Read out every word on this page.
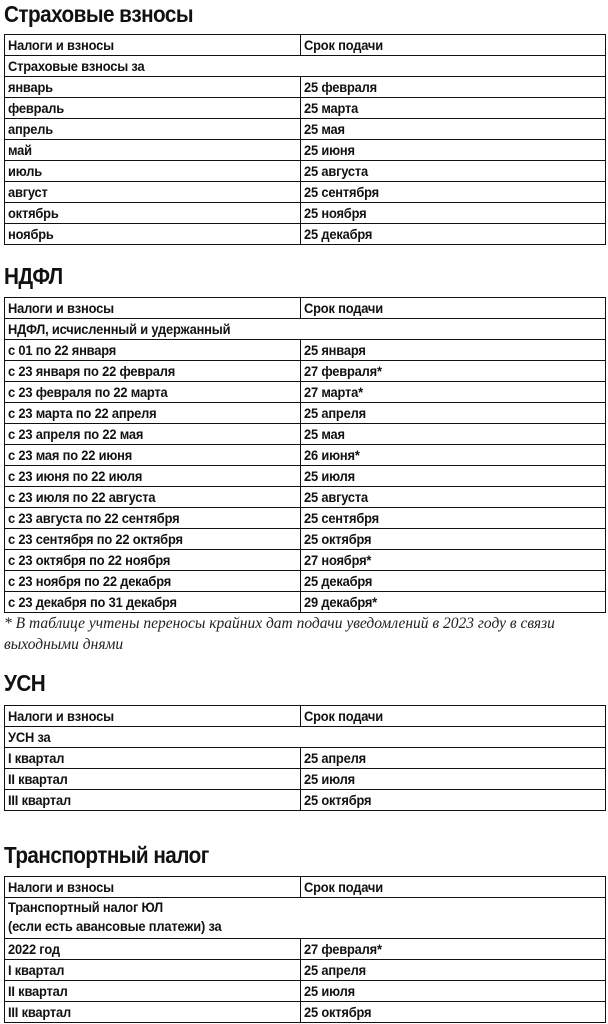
Страховые взносы
Налоги и взносы	Срок подачи
Страховые взносы за	
январь	25 февраля
февраль	25 марта
апрель	25 мая
май	25 июня
июль	25 августа
август	25 сентября
октябрь	25 ноября
ноябрь	25 декабря
НДФЛ
Налоги и взносы	Срок подачи
НДФЛ, исчисленный и удержанный	
с 01 по 22 января	25 января
с 23 января по 22 февраля	27 февраля*
с 23 февраля по 22 марта	27 марта*
с 23 марта по 22 апреля	25 апреля
с 23 апреля по 22 мая	25 мая
с 23 мая по 22 июня	26 июня*
с 23 июня по 22 июля	25 июля
с 23 июля по 22 августа	25 августа
с 23 августа по 22 сентября	25 сентября
с 23 сентября по 22 октября	25 октября
с 23 октября по 22 ноября	27 ноября*
с 23 ноября по 22 декабря	25 декабря
с 23 декабря по 31 декабря	29 декабря*
* В таблице учтены переносы крайних дат подачи уведомлений в 2023 году в связи выходными днями
УСН
Налоги и взносы	Срок подачи
УСН за	
I квартал	25 апреля
II квартал	25 июля
III квартал	25 октября
Транспортный налог
Налоги и взносы	Срок подачи
Транспортный налог ЮЛ
(если есть авансовые платежи) за	
2022 год	27 февраля*
I квартал	25 апреля
II квартал	25 июля
III квартал	25 октября
